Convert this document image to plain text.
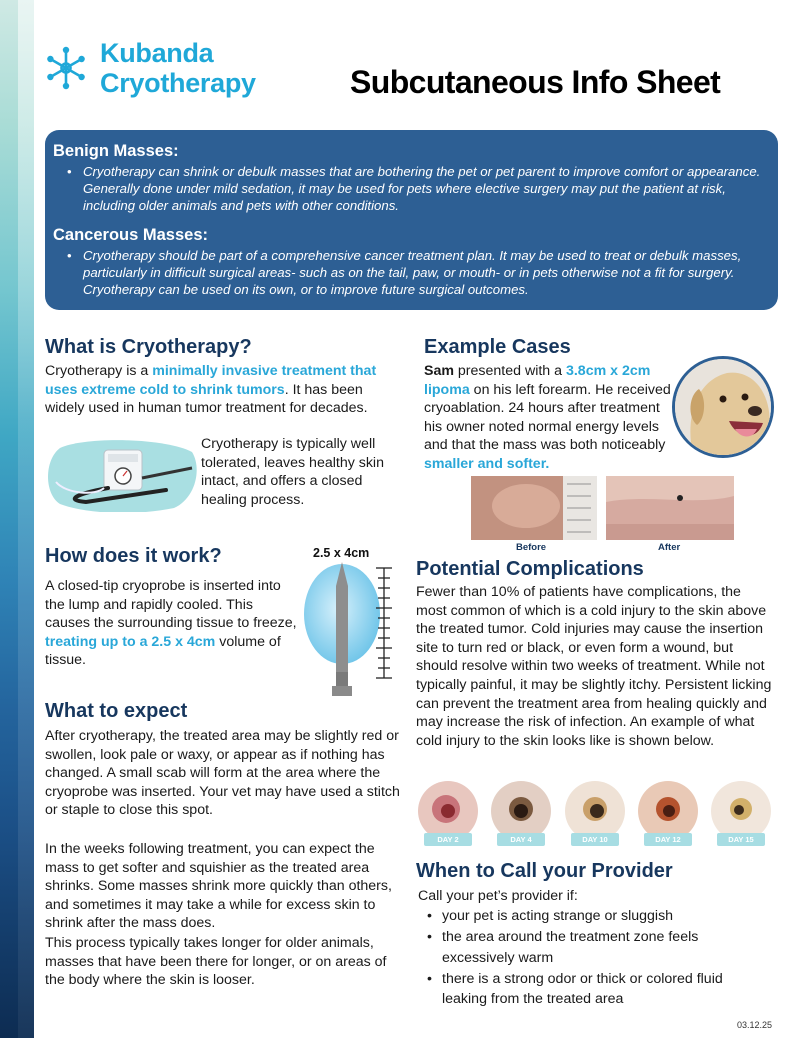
Kubanda
Cryotherapy	Subcutaneous Info Sheet
Benign Masses:
• Cryotherapy can shrink or debulk masses that are bothering the pet or pet parent to improve comfort or appearance. Generally done under mild sedation, it may be used for pets where elective surgery may put the patient at risk, including older animals and pets with other conditions.
Cancerous Masses:
• Cryotherapy should be part of a comprehensive cancer treatment plan. It may be used to treat or debulk masses, particularly in difficult surgical areas- such as on the tail, paw, or mouth- or in pets otherwise not a fit for surgery. Cryotherapy can be used on its own, or to improve future surgical outcomes.
What is Cryotherapy?
Cryotherapy is a minimally invasive treatment that uses extreme cold to shrink tumors. It has been widely used in human tumor treatment for decades.
Cryotherapy is typically well tolerated, leaves healthy skin intact, and offers a closed healing process.
How does it work?
A closed-tip cryoprobe is inserted into the lump and rapidly cooled. This causes the surrounding tissue to freeze, treating up to a 2.5 x 4cm volume of tissue.
2.5 x 4cm
What to expect
After cryotherapy, the treated area may be slightly red or swollen, look pale or waxy, or appear as if nothing has changed. A small scab will form at the area where the cryoprobe was inserted. Your vet may have used a stitch or staple to close this spot.
In the weeks following treatment, you can expect the mass to get softer and squishier as the treated area shrinks. Some masses shrink more quickly than others, and sometimes it may take a while for excess skin to shrink after the mass does.
This process typically takes longer for older animals, masses that have been there for longer, or on areas of the body where the skin is looser.
Example Cases
Sam presented with a 3.8cm x 2cm lipoma on his left forearm. He received cryoablation. 24 hours after treatment his owner noted normal energy levels and that the mass was both noticeably smaller and softer.
Before	After
Potential Complications
Fewer than 10% of patients have complications, the most common of which is a cold injury to the skin above the treated tumor. Cold injuries may cause the insertion site to turn red or black, or even form a wound, but should resolve within two weeks of treatment. While not typically painful, it may be slightly itchy. Persistent licking can prevent the treatment area from healing quickly and may increase the risk of infection. An example of what cold injury to the skin looks like is shown below.
DAY 2	DAY 4	DAY 10	DAY 12	DAY 15
When to Call your Provider
Call your pet’s provider if:
• your pet is acting strange or sluggish
• the area around the treatment zone feels excessively warm
• there is a strong odor or thick or colored fluid leaking from the treated area
03.12.25
